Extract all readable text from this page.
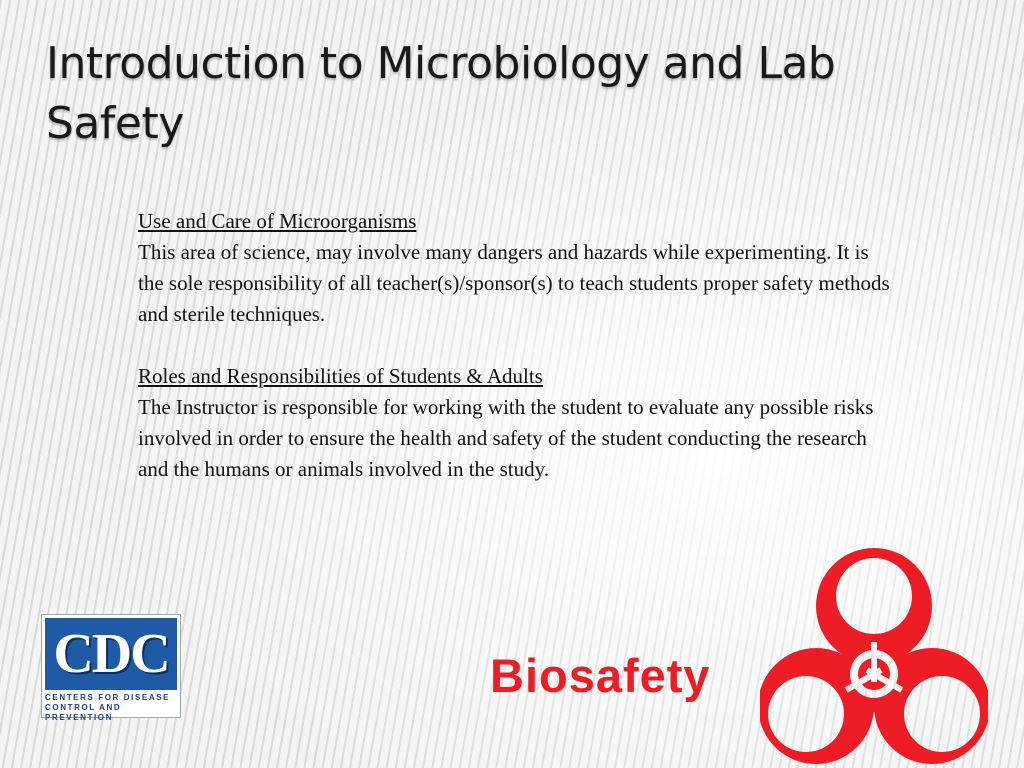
Introduction to Microbiology and Lab Safety
Use and Care of Microorganisms
This area of science, may involve many dangers and hazards while experimenting. It is the sole responsibility of all teacher(s)/sponsor(s) to teach students proper safety methods and sterile techniques.
Roles and Responsibilities of Students & Adults
The Instructor is responsible for working with the student to evaluate any possible risks involved in order to ensure the health and safety of the student conducting the research and the humans or animals involved in the study.
CDC
CENTERS FOR DISEASE
CONTROL AND PREVENTION
Biosafety
